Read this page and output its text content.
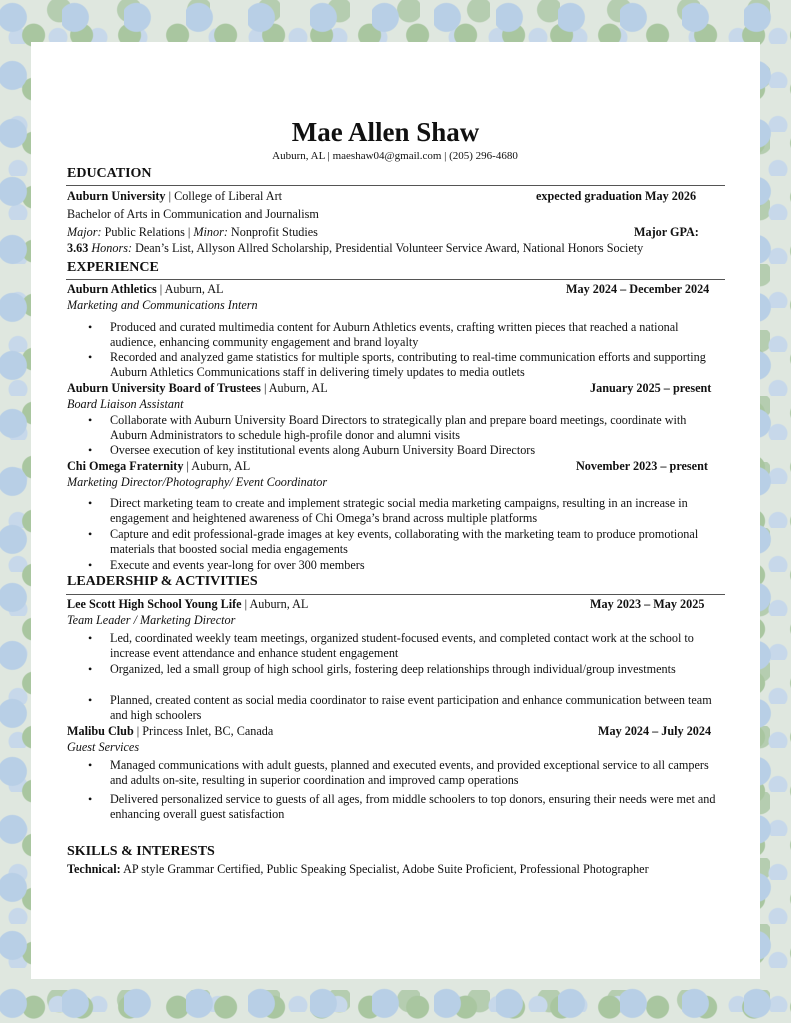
Mae Allen Shaw
Auburn, AL | maeshaw04@gmail.com | (205) 296-4680
EDUCATION
Auburn University | College of Liberal Art	expected graduation May 2026
Bachelor of Arts in Communication and Journalism
Major: Public Relations | Minor: Nonprofit Studies	Major GPA:
3.63 Honors: Dean’s List, Allyson Allred Scholarship, Presidential Volunteer Service Award, National Honors Society
EXPERIENCE
Auburn Athletics | Auburn, AL	May 2024 – December 2024
Marketing and Communications Intern
• Produced and curated multimedia content for Auburn Athletics events, crafting written pieces that reached a national audience, enhancing community engagement and brand loyalty
• Recorded and analyzed game statistics for multiple sports, contributing to real-time communication efforts and supporting Auburn Athletics Communications staff in delivering timely updates to media outlets
Auburn University Board of Trustees | Auburn, AL	January 2025 – present
Board Liaison Assistant
• Collaborate with Auburn University Board Directors to strategically plan and prepare board meetings, coordinate with Auburn Administrators to schedule high-profile donor and alumni visits
• Oversee execution of key institutional events along Auburn University Board Directors
Chi Omega Fraternity | Auburn, AL	November 2023 – present
Marketing Director/Photography/ Event Coordinator
• Direct marketing team to create and implement strategic social media marketing campaigns, resulting in an increase in engagement and heightened awareness of Chi Omega’s brand across multiple platforms
• Capture and edit professional-grade images at key events, collaborating with the marketing team to produce promotional materials that boosted social media engagements
• Execute and events year-long for over 300 members
LEADERSHIP & ACTIVITIES
Lee Scott High School Young Life | Auburn, AL	May 2023 – May 2025
Team Leader / Marketing Director
• Led, coordinated weekly team meetings, organized student-focused events, and completed contact work at the school to increase event attendance and enhance student engagement
• Organized, led a small group of high school girls, fostering deep relationships through individual/group investments
• Planned, created content as social media coordinator to raise event participation and enhance communication between team and high schoolers
Malibu Club | Princess Inlet, BC, Canada	May 2024 – July 2024
Guest Services
• Managed communications with adult guests, planned and executed events, and provided exceptional service to all campers and adults on-site, resulting in superior coordination and improved camp operations
• Delivered personalized service to guests of all ages, from middle schoolers to top donors, ensuring their needs were met and enhancing overall guest satisfaction
SKILLS & INTERESTS
Technical: AP style Grammar Certified, Public Speaking Specialist, Adobe Suite Proficient, Professional Photographer
